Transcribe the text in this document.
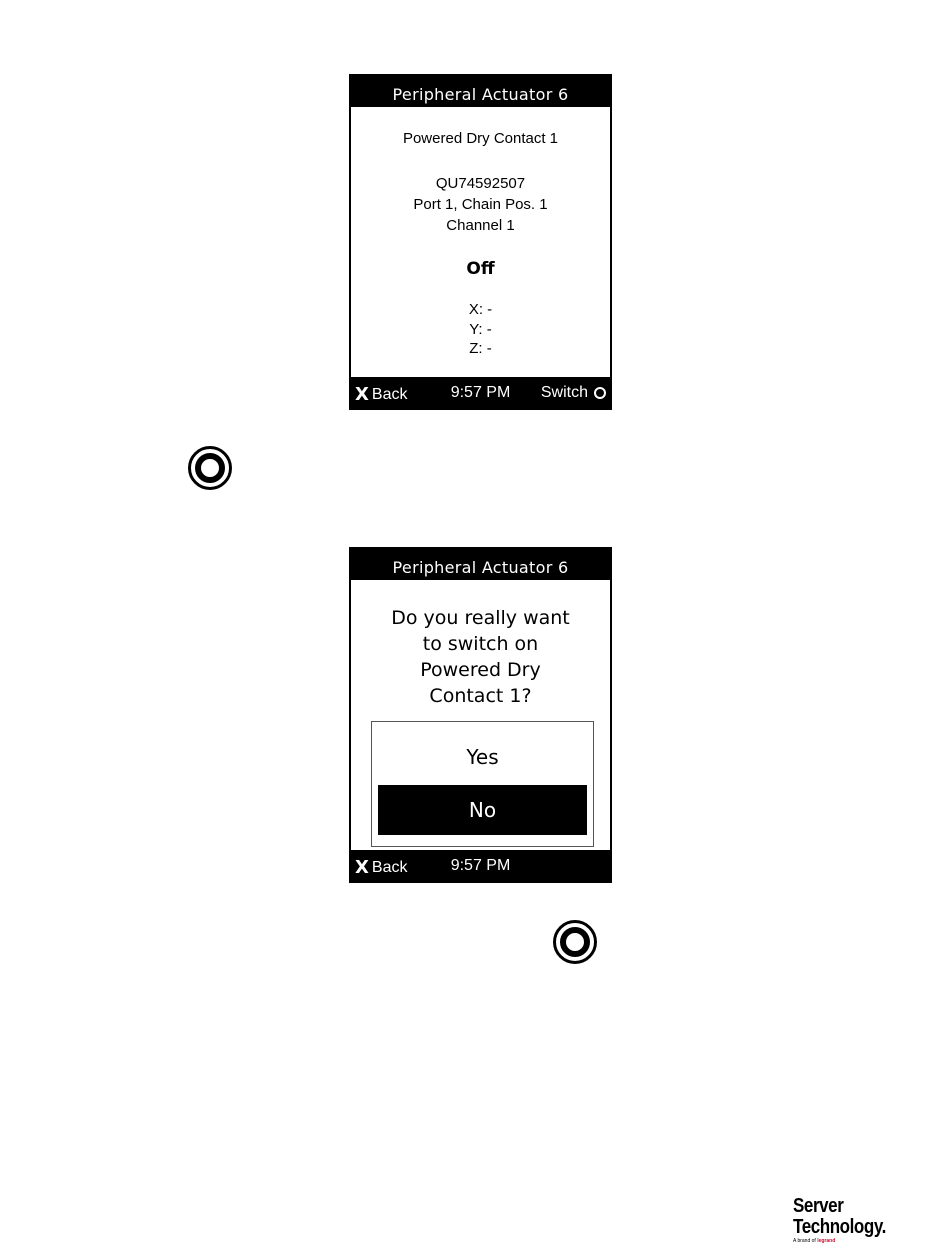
Peripheral Actuator 6
Powered Dry Contact 1
QU74592507
Port 1, Chain Pos. 1
Channel 1
Off
X: -
Y: -
Z: -
X Back	9:57 PM	Switch
Peripheral Actuator 6
Do you really want
to switch on
Powered Dry
Contact 1?
Yes
No
X Back	9:57 PM
Server
Technology.
A brand of legrand
